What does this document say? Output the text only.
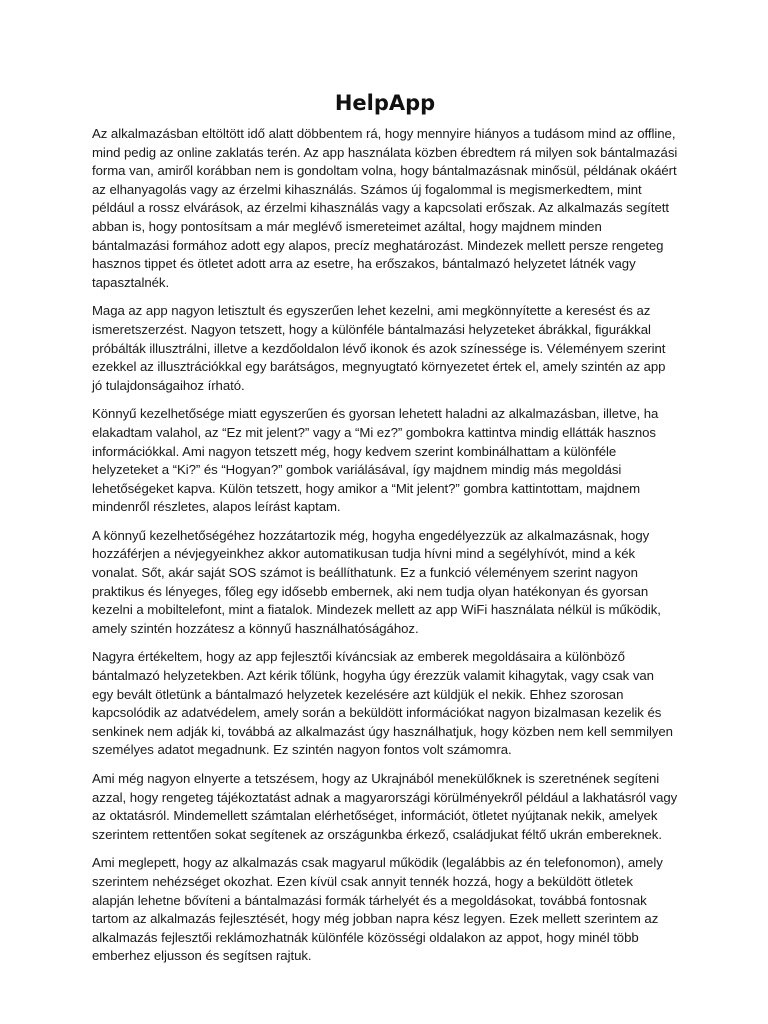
HelpApp

Az alkalmazásban eltöltött idő alatt döbbentem rá, hogy mennyire hiányos a tudásom mind az offline, mind pedig az online zaklatás terén. Az app használata közben ébredtem rá milyen sok bántalmazási forma van, amiről korábban nem is gondoltam volna, hogy bántalmazásnak minősül, példának okáért az elhanyagolás vagy az érzelmi kihasználás. Számos új fogalommal is megismerkedtem, mint például a rossz elvárások, az érzelmi kihasználás vagy a kapcsolati erőszak. Az alkalmazás segített abban is, hogy pontosítsam a már meglévő ismereteimet azáltal, hogy majdnem minden bántalmazási formához adott egy alapos, precíz meghatározást. Mindezek mellett persze rengeteg hasznos tippet és ötletet adott arra az esetre, ha erőszakos, bántalmazó helyzetet látnék vagy tapasztalnék.

Maga az app nagyon letisztult és egyszerűen lehet kezelni, ami megkönnyítette a keresést és az ismeretszerzést. Nagyon tetszett, hogy a különféle bántalmazási helyzeteket ábrákkal, figurákkal próbálták illusztrálni, illetve a kezdőoldalon lévő ikonok és azok színessége is. Véleményem szerint ezekkel az illusztrációkkal egy barátságos, megnyugtató környezetet értek el, amely szintén az app jó tulajdonságaihoz írható.

Könnyű kezelhetősége miatt egyszerűen és gyorsan lehetett haladni az alkalmazásban, illetve, ha elakadtam valahol, az “Ez mit jelent?” vagy a “Mi ez?” gombokra kattintva mindig ellátták hasznos információkkal. Ami nagyon tetszett még, hogy kedvem szerint kombinálhattam a különféle helyzeteket a “Ki?” és “Hogyan?” gombok variálásával, így majdnem mindig más megoldási lehetőségeket kapva. Külön tetszett, hogy amikor a “Mit jelent?” gombra kattintottam, majdnem mindenről részletes, alapos leírást kaptam.

A könnyű kezelhetőségéhez hozzátartozik még, hogyha engedélyezzük az alkalmazásnak, hogy hozzáférjen a névjegyeinkhez akkor automatikusan tudja hívni mind a segélyhívót, mind a kék vonalat. Sőt, akár saját SOS számot is beállíthatunk. Ez a funkció véleményem szerint nagyon praktikus és lényeges, főleg egy idősebb embernek, aki nem tudja olyan hatékonyan és gyorsan kezelni a mobiltelefont, mint a fiatalok. Mindezek mellett az app WiFi használata nélkül is működik, amely szintén hozzátesz a könnyű használhatóságához.

Nagyra értékeltem, hogy az app fejlesztői kíváncsiak az emberek megoldásaira a különböző bántalmazó helyzetekben. Azt kérik tőlünk, hogyha úgy érezzük valamit kihagytak, vagy csak van egy bevált ötletünk a bántalmazó helyzetek kezelésére azt küldjük el nekik. Ehhez szorosan kapcsolódik az adatvédelem, amely során a beküldött információkat nagyon bizalmasan kezelik és senkinek nem adják ki, továbbá az alkalmazást úgy használhatjuk, hogy közben nem kell semmilyen személyes adatot megadnunk. Ez szintén nagyon fontos volt számomra.

Ami még nagyon elnyerte a tetszésem, hogy az Ukrajnából menekülőknek is szeretnének segíteni azzal, hogy rengeteg tájékoztatást adnak a magyarországi körülményekről például a lakhatásról vagy az oktatásról. Mindemellett számtalan elérhetőséget, információt, ötletet nyújtanak nekik, amelyek szerintem rettentően sokat segítenek az országunkba érkező, családjukat féltő ukrán embereknek.

Ami meglepett, hogy az alkalmazás csak magyarul működik (legalábbis az én telefonomon), amely szerintem nehézséget okozhat. Ezen kívül csak annyit tennék hozzá, hogy a beküldött ötletek alapján lehetne bővíteni a bántalmazási formák tárhelyét és a megoldásokat, továbbá fontosnak tartom az alkalmazás fejlesztését, hogy még jobban napra kész legyen. Ezek mellett szerintem az alkalmazás fejlesztői reklámozhatnák különféle közösségi oldalakon az appot, hogy minél több emberhez eljusson és segítsen rajtuk.
